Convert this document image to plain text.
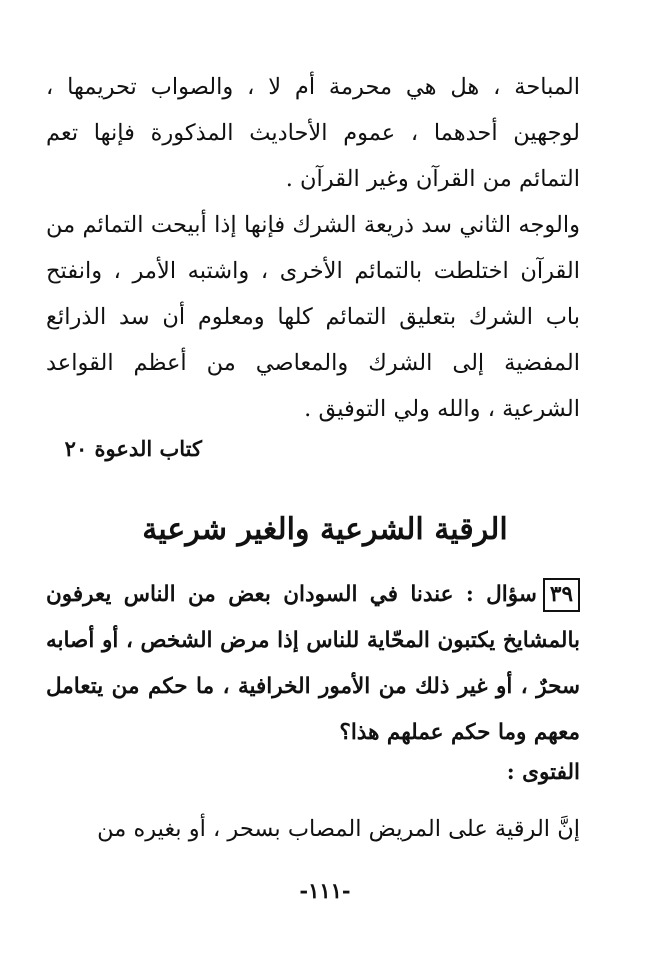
المباحة ، هل هي محرمة أم لا ، والصواب تحريمها ، لوجهين أحدهما ، عموم الأحاديث المذكورة فإنها تعم التمائم من القرآن وغير القرآن .

والوجه الثاني سد ذريعة الشرك فإنها إذا أبيحت التمائم من القرآن اختلطت بالتمائم الأخرى ، واشتبه الأمر ، وانفتح باب الشرك بتعليق التمائم كلها ومعلوم أن سد الذرائع المفضية إلى الشرك والمعاصي من أعظم القواعد الشرعية ، والله ولي التوفيق .

كتاب الدعوة ٢٠

الرقية الشرعية والغير شرعية

٣٩سؤال : عندنا في السودان بعض من الناس يعرفون بالمشايخ يكتبون المحّاية للناس إذا مرض الشخص ، أو أصابه سحرٌ ، أو غير ذلك من الأمور الخرافية ، ما حكم من يتعامل معهم وما حكم عملهم هذا؟

الفتوى :

إنَّ الرقية على المريض المصاب بسحر ، أو بغيره من

-١١١-
